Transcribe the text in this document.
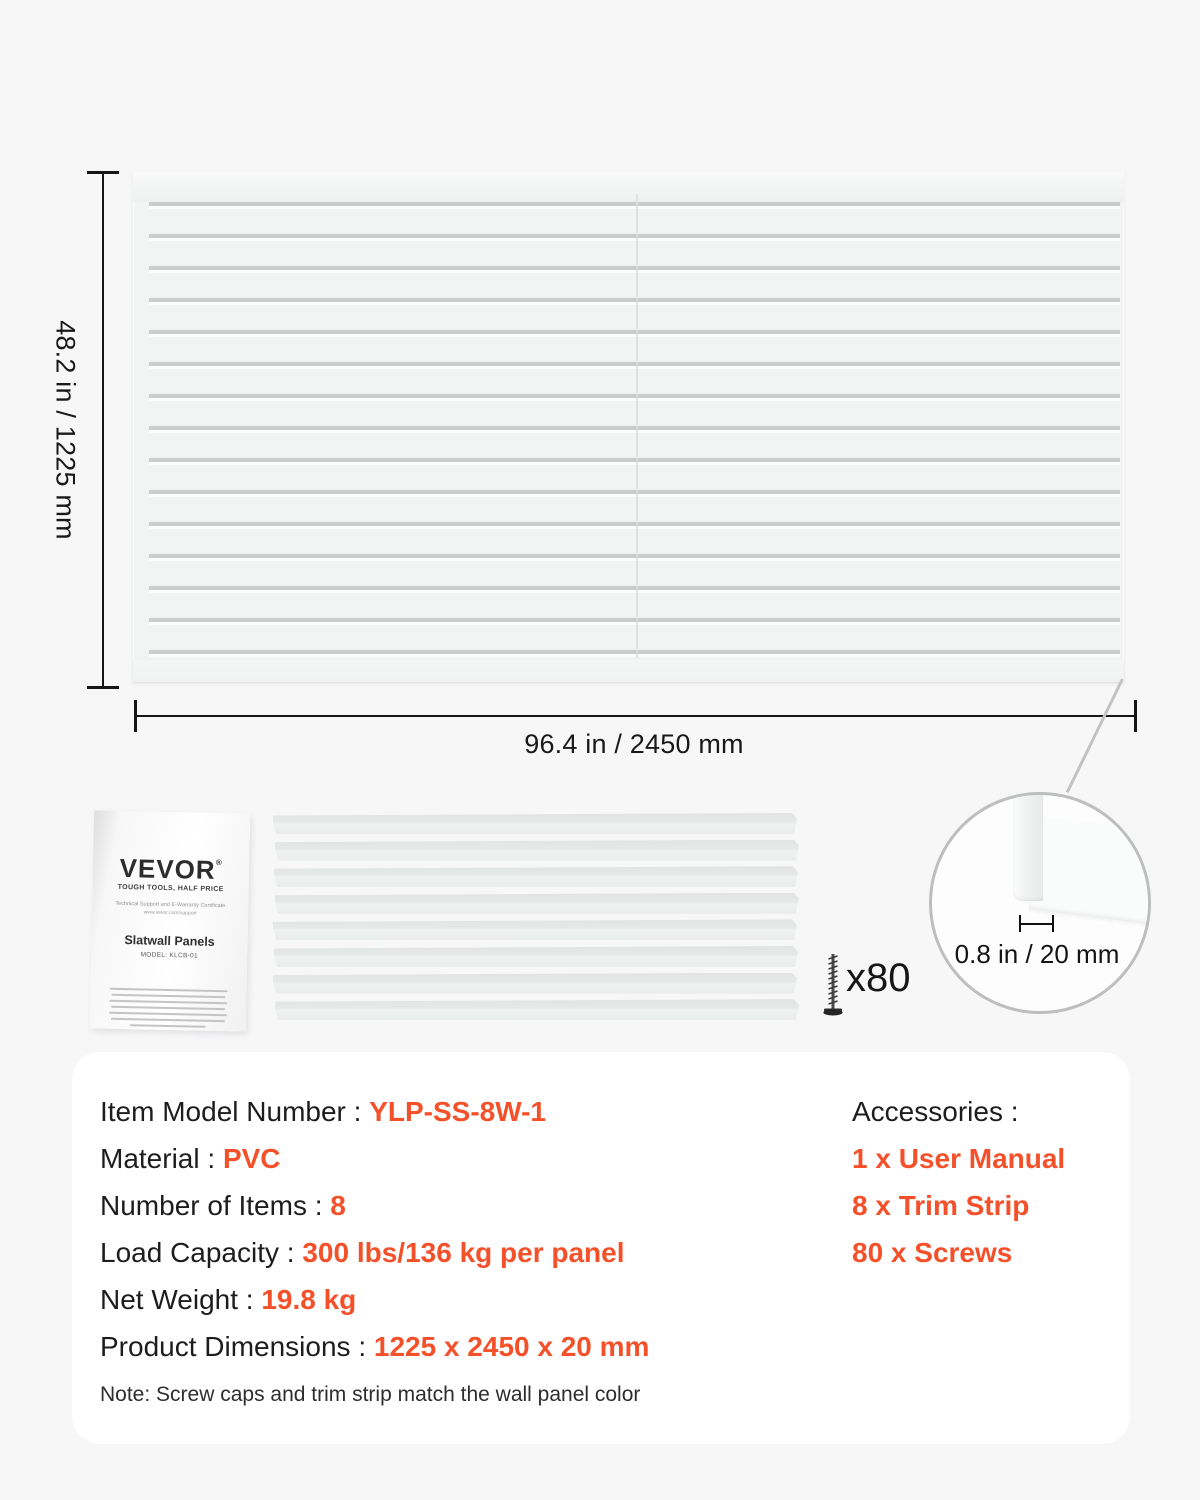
48.2 in / 1225 mm
96.4 in / 2450 mm
VEVOR®
TOUGH TOOLS, HALF PRICE
Technical Support and E-Warranty Certificate
www.vevor.com/support
Slatwall Panels
MODEL: KLCB-01
x80
0.8 in / 20 mm
Item Model Number : YLP-SS-8W-1
Material : PVC
Number of Items : 8
Load Capacity : 300 lbs/136 kg per panel
Net Weight : 19.8 kg
Product Dimensions : 1225 x 2450 x 20 mm
Note: Screw caps and trim strip match the wall panel color
Accessories :
1 x User Manual
8 x Trim Strip
80 x Screws
